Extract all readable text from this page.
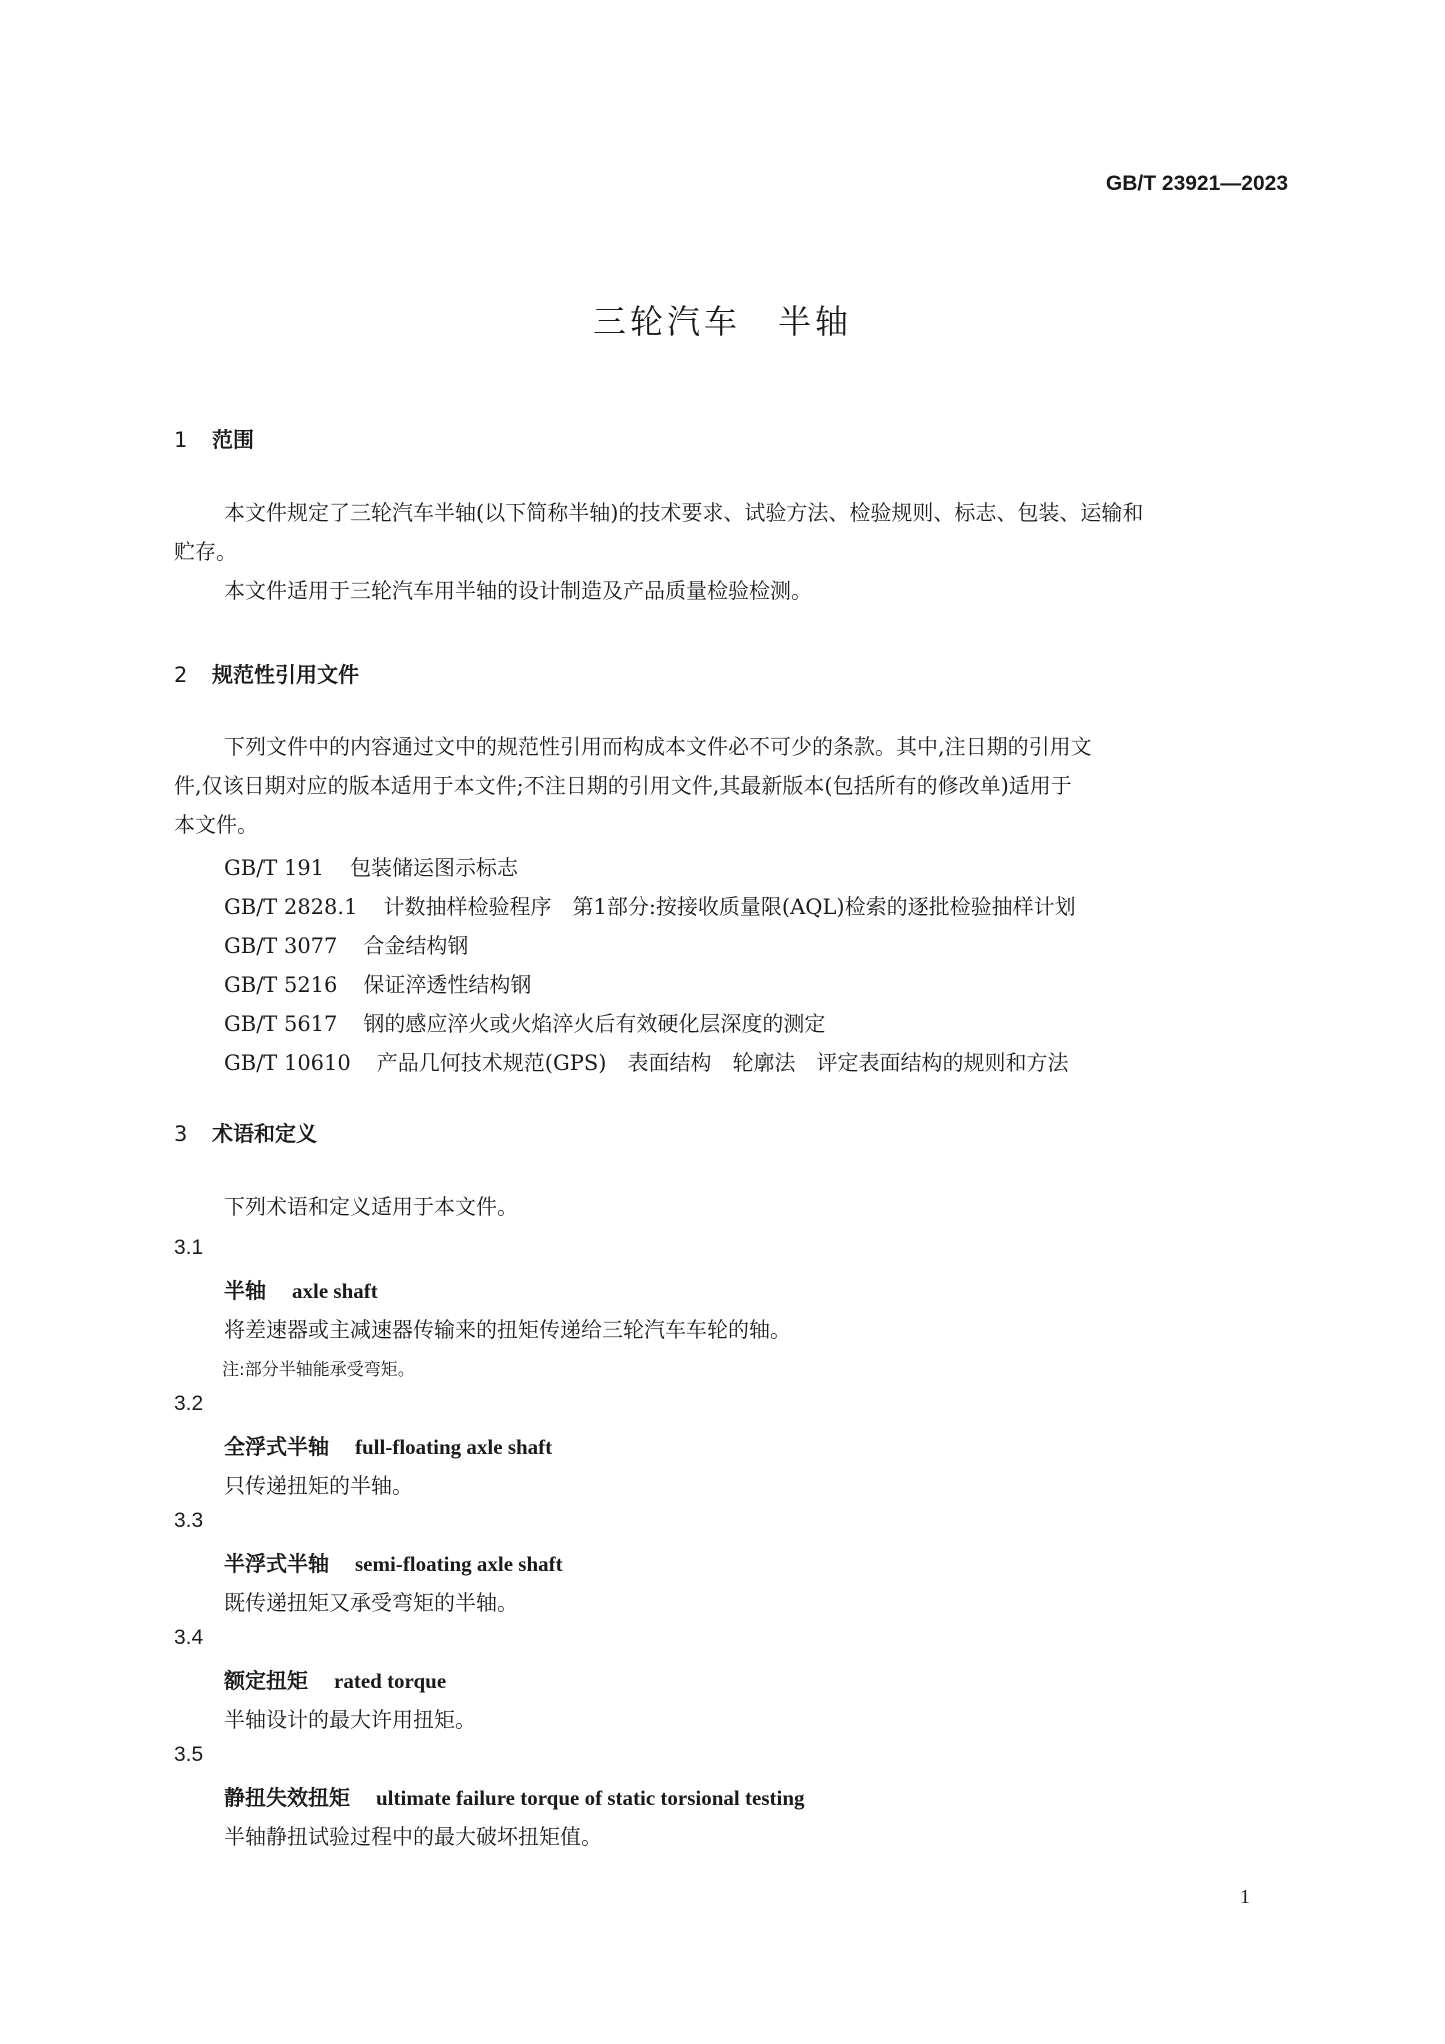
GB/T 23921—2023
三轮汽车　半轴
1 范围
本文件规定了三轮汽车半轴(以下简称半轴)的技术要求、试验方法、检验规则、标志、包装、运输和
贮存。
本文件适用于三轮汽车用半轴的设计制造及产品质量检验检测。
2 规范性引用文件
下列文件中的内容通过文中的规范性引用而构成本文件必不可少的条款。其中,注日期的引用文
件,仅该日期对应的版本适用于本文件;不注日期的引用文件,其最新版本(包括所有的修改单)适用于
本文件。
GB/T 191 包装储运图示标志
GB/T 2828.1 计数抽样检验程序　第1部分:按接收质量限(AQL)检索的逐批检验抽样计划
GB/T 3077 合金结构钢
GB/T 5216 保证淬透性结构钢
GB/T 5617 钢的感应淬火或火焰淬火后有效硬化层深度的测定
GB/T 10610 产品几何技术规范(GPS)　表面结构　轮廓法　评定表面结构的规则和方法
3 术语和定义
下列术语和定义适用于本文件。
3.1
半轴 axle shaft
将差速器或主减速器传输来的扭矩传递给三轮汽车车轮的轴。
注:部分半轴能承受弯矩。
3.2
全浮式半轴 full-floating axle shaft
只传递扭矩的半轴。
3.3
半浮式半轴 semi-floating axle shaft
既传递扭矩又承受弯矩的半轴。
3.4
额定扭矩 rated torque
半轴设计的最大许用扭矩。
3.5
静扭失效扭矩 ultimate failure torque of static torsional testing
半轴静扭试验过程中的最大破坏扭矩值。
1
